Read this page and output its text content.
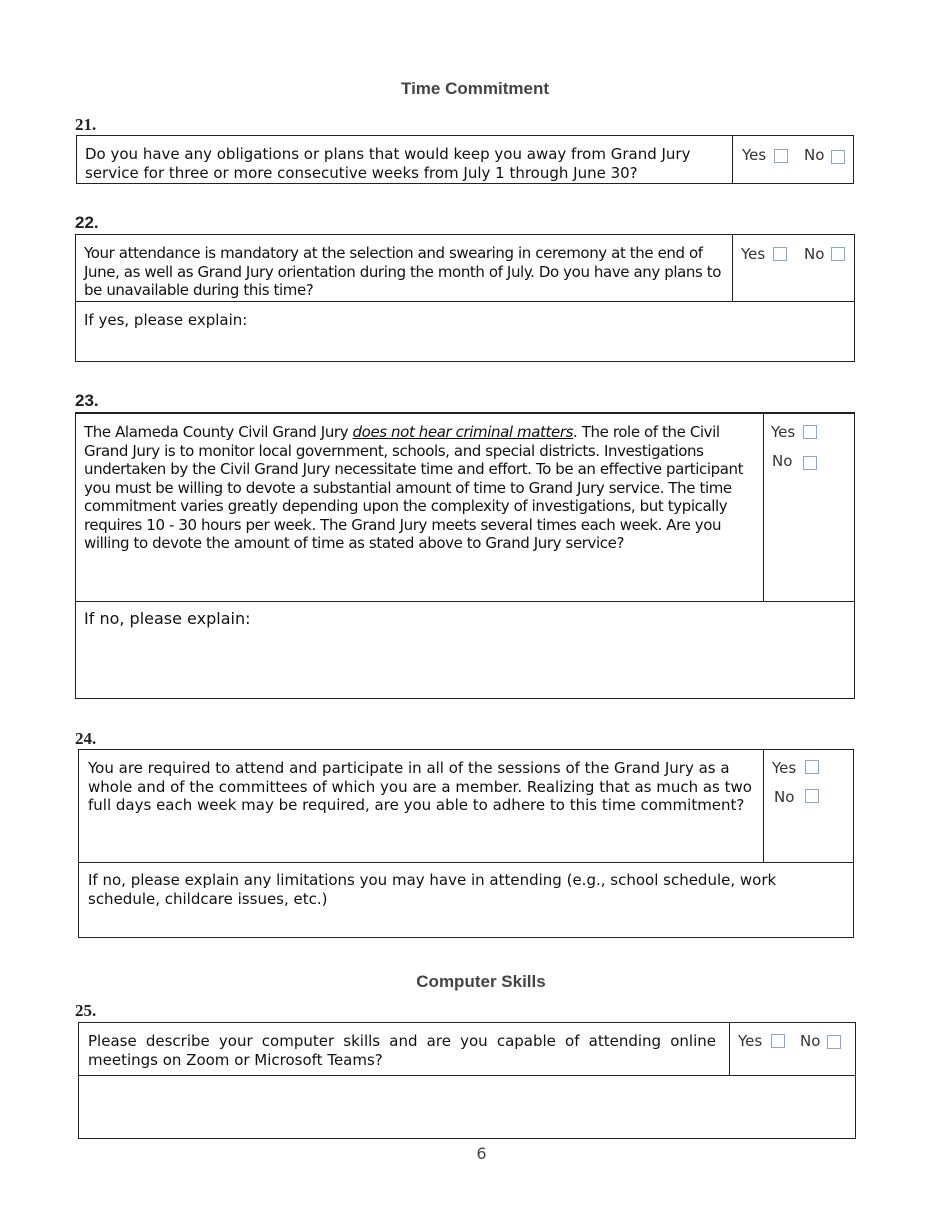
Time Commitment
21.
Do you have any obligations or plans that would keep you away from Grand Jury service for three or more consecutive weeks from July 1 through June 30?
Yes	No
22.
Your attendance is mandatory at the selection and swearing in ceremony at the end of June, as well as Grand Jury orientation during the month of July. Do you have any plans to be unavailable during this time?
Yes	No
If yes, please explain:
23.
The Alameda County Civil Grand Jury does not hear criminal matters. The role of the Civil Grand Jury is to monitor local government, schools, and special districts. Investigations undertaken by the Civil Grand Jury necessitate time and effort. To be an effective participant you must be willing to devote a substantial amount of time to Grand Jury service. The time commitment varies greatly depending upon the complexity of investigations, but typically requires 10 - 30 hours per week. The Grand Jury meets several times each week. Are you willing to devote the amount of time as stated above to Grand Jury service?
Yes
No
If no, please explain:
24.
You are required to attend and participate in all of the sessions of the Grand Jury as a whole and of the committees of which you are a member. Realizing that as much as two full days each week may be required, are you able to adhere to this time commitment?
Yes
No
If no, please explain any limitations you may have in attending (e.g., school schedule, work schedule, childcare issues, etc.)
Computer Skills
25.
Please describe your computer skills and are you capable of attending online meetings on Zoom or Microsoft Teams?
Yes	No
6
